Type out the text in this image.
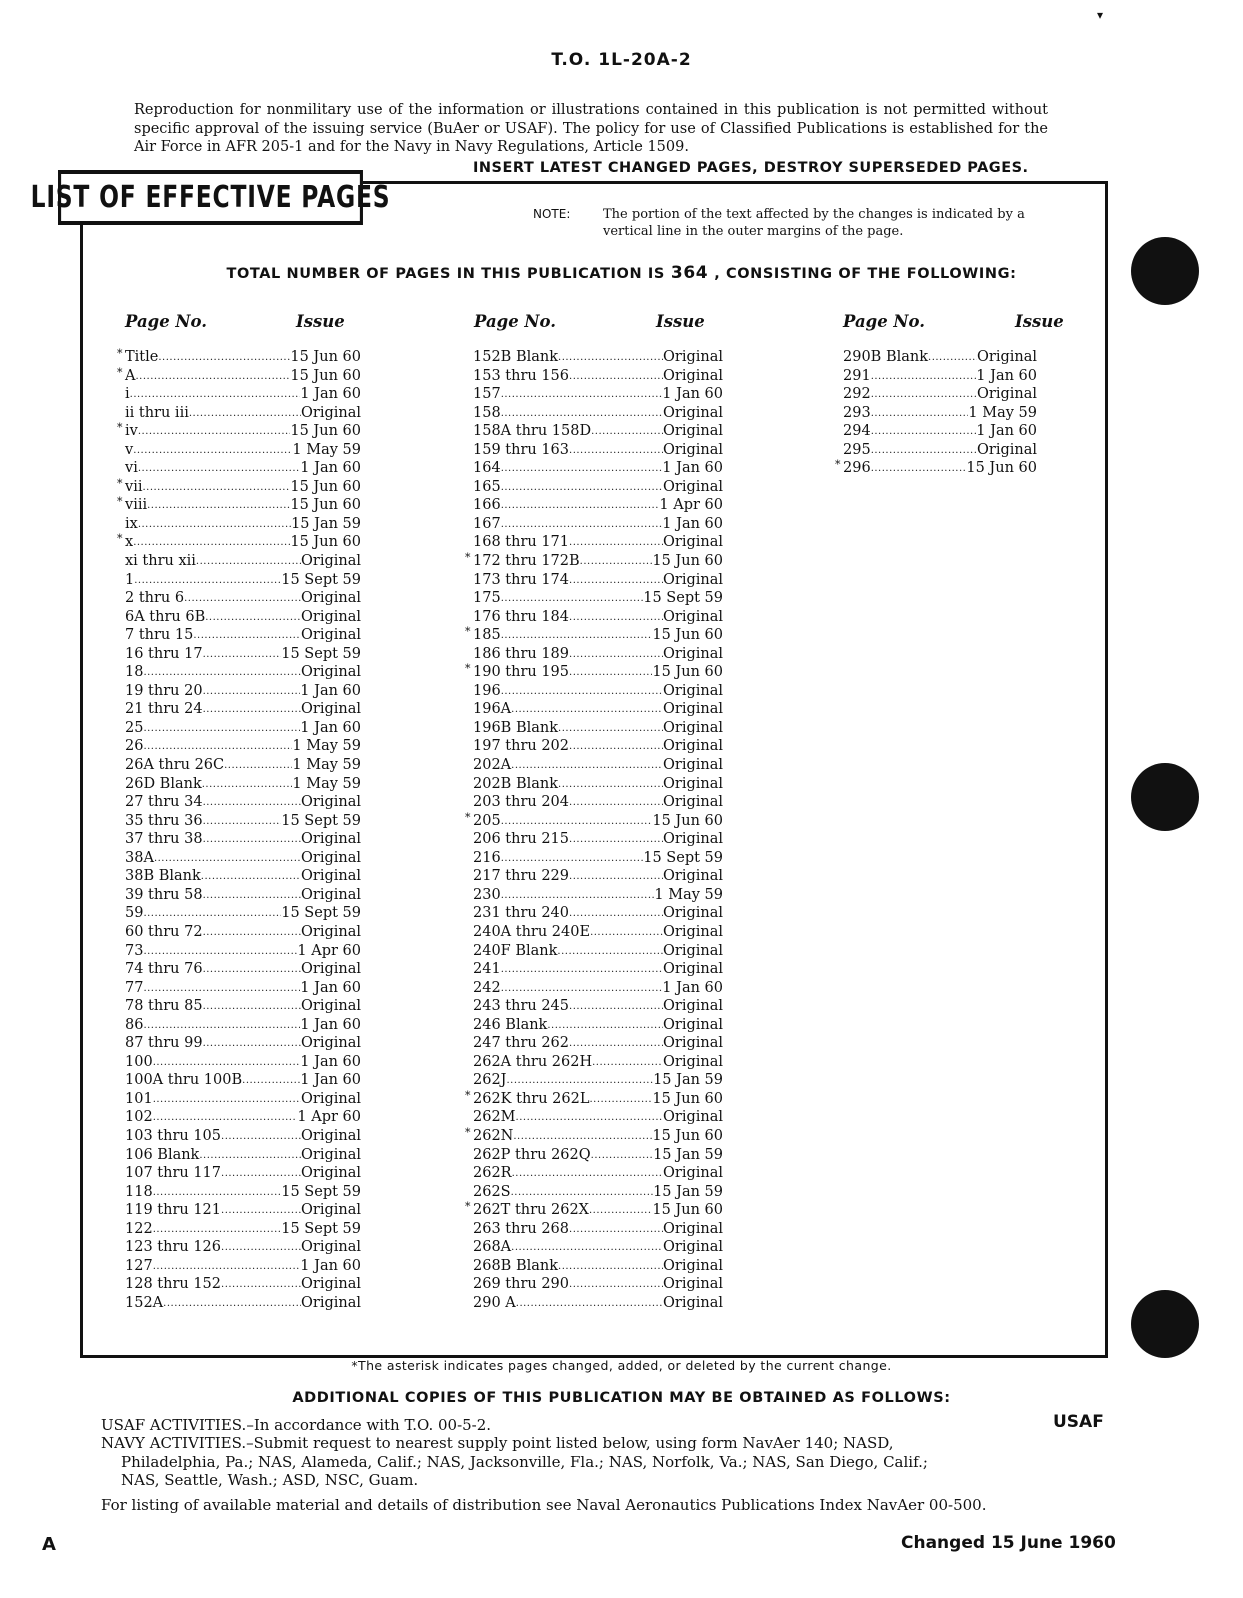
T.O. 1L-20A-2
Reproduction for nonmilitary use of the information or illustrations contained in this publication is not permitted without specific approval of the issuing service (BuAer or USAF). The policy for use of Classified Publications is established for the Air Force in AFR 205-1 and for the Navy in Navy Regulations, Article 1509.
INSERT LATEST CHANGED PAGES, DESTROY SUPERSEDED PAGES.
LIST OF EFFECTIVE PAGES	NOTE:	The portion of the text affected by the changes is indicated by a vertical line in the outer margins of the page.
TOTAL NUMBER OF PAGES IN THIS PUBLICATION IS 364 , CONSISTING OF THE FOLLOWING:
Page No.	Issue	Page No.	Issue	Page No.	Issue
* Title .....	15 Jun 60
* A .....	15 Jun 60
i .....	1 Jan 60
ii thru iii .....	Original
* iv .....	15 Jun 60
v .....	1 May 59
vi .....	1 Jan 60
* vii .....	15 Jun 60
* viii .....	15 Jun 60
ix .....	15 Jan 59
* x .....	15 Jun 60
xi thru xii .....	Original
1 .....	15 Sept 59
2 thru 6 .....	Original
6A thru 6B .....	Original
7 thru 15 .....	Original
16 thru 17 .....	15 Sept 59
18 .....	Original
19 thru 20 .....	1 Jan 60
21 thru 24 .....	Original
25 .....	1 Jan 60
26 .....	1 May 59
26A thru 26C .....	1 May 59
26D Blank .....	1 May 59
27 thru 34 .....	Original
35 thru 36 .....	15 Sept 59
37 thru 38 .....	Original
38A .....	Original
38B Blank .....	Original
39 thru 58 .....	Original
59 .....	15 Sept 59
60 thru 72 .....	Original
73 .....	1 Apr 60
74 thru 76 .....	Original
77 .....	1 Jan 60
78 thru 85 .....	Original
86 .....	1 Jan 60
87 thru 99 .....	Original
100 .....	1 Jan 60
100A thru 100B .....	1 Jan 60
101 .....	Original
102 .....	1 Apr 60
103 thru 105 .....	Original
106 Blank .....	Original
107 thru 117 .....	Original
118 .....	15 Sept 59
119 thru 121 .....	Original
122 .....	15 Sept 59
123 thru 126 .....	Original
127 .....	1 Jan 60
128 thru 152 .....	Original
152A .....	Original
152B Blank .....	Original
153 thru 156 .....	Original
157 .....	1 Jan 60
158 .....	Original
158A thru 158D .....	Original
159 thru 163 .....	Original
164 .....	1 Jan 60
165 .....	Original
166 .....	1 Apr 60
167 .....	1 Jan 60
168 thru 171 .....	Original
* 172 thru 172B .....	15 Jun 60
173 thru 174 .....	Original
175 .....	15 Sept 59
176 thru 184 .....	Original
* 185 .....	15 Jun 60
186 thru 189 .....	Original
* 190 thru 195 .....	15 Jun 60
196 .....	Original
196A .....	Original
196B Blank .....	Original
197 thru 202 .....	Original
202A .....	Original
202B Blank .....	Original
203 thru 204 .....	Original
* 205 .....	15 Jun 60
206 thru 215 .....	Original
216 .....	15 Sept 59
217 thru 229 .....	Original
230 .....	1 May 59
231 thru 240 .....	Original
240A thru 240E .....	Original
240F Blank .....	Original
241 .....	Original
242 .....	1 Jan 60
243 thru 245 .....	Original
246 Blank .....	Original
247 thru 262 .....	Original
262A thru 262H .....	Original
262J .....	15 Jan 59
* 262K thru 262L .....	15 Jun 60
262M .....	Original
* 262N .....	15 Jun 60
262P thru 262Q .....	15 Jan 59
262R .....	Original
262S .....	15 Jan 59
* 262T thru 262X .....	15 Jun 60
263 thru 268 .....	Original
268A .....	Original
268B Blank .....	Original
269 thru 290 .....	Original
290 A .....	Original
290B Blank .....	Original
291 .....	1 Jan 60
292 .....	Original
293 .....	1 May 59
294 .....	1 Jan 60
295 .....	Original
* 296 .....	15 Jun 60
*The asterisk indicates pages changed, added, or deleted by the current change.
ADDITIONAL COPIES OF THIS PUBLICATION MAY BE OBTAINED AS FOLLOWS:
USAF ACTIVITIES.–In accordance with T.O. 00-5-2.	USAF
NAVY ACTIVITIES.–Submit request to nearest supply point listed below, using form NavAer 140; NASD,
Philadelphia, Pa.; NAS, Alameda, Calif.; NAS, Jacksonville, Fla.; NAS, Norfolk, Va.; NAS, San Diego, Calif.;
NAS, Seattle, Wash.; ASD, NSC, Guam.
For listing of available material and details of distribution see Naval Aeronautics Publications Index NavAer 00-500.
A	Changed 15 June 1960
▾
